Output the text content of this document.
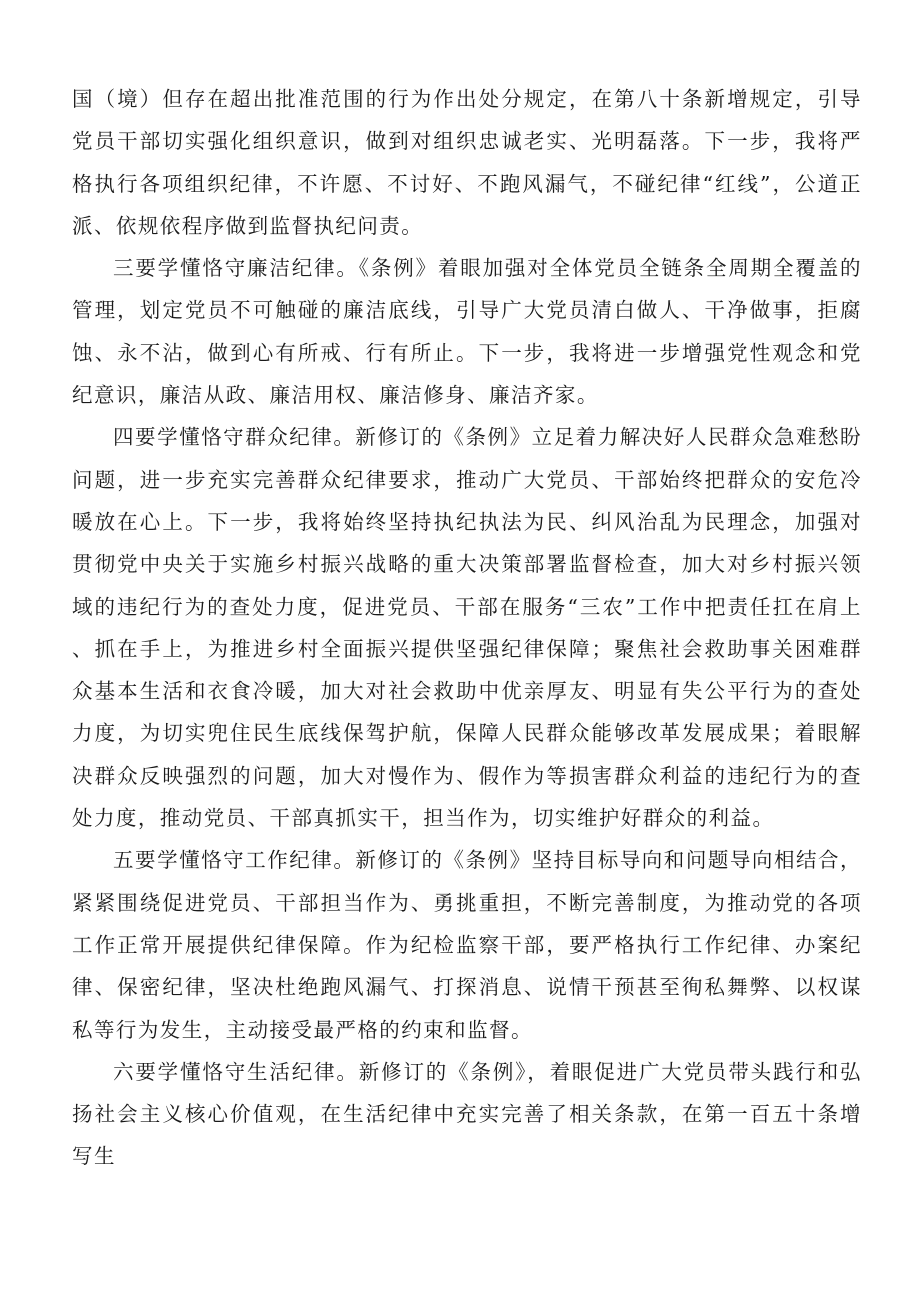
国（境）但存在超出批准范围的行为作出处分规定，在第八十条新增规定，引导党员干部切实强化组织意识，做到对组织忠诚老实、光明磊落。下一步，我将严格执行各项组织纪律，不许愿、不讨好、不跑风漏气，不碰纪律“红线”，公道正派、依规依程序做到监督执纪问责。

三要学懂恪守廉洁纪律。《条例》着眼加强对全体党员全链条全周期全覆盖的管理，划定党员不可触碰的廉洁底线，引导广大党员清白做人、干净做事，拒腐蚀、永不沾，做到心有所戒、行有所止。下一步，我将进一步增强党性观念和党纪意识，廉洁从政、廉洁用权、廉洁修身、廉洁齐家。

四要学懂恪守群众纪律。新修订的《条例》立足着力解决好人民群众急难愁盼问题，进一步充实完善群众纪律要求，推动广大党员、干部始终把群众的安危冷暖放在心上。下一步，我将始终坚持执纪执法为民、纠风治乱为民理念，加强对贯彻党中央关于实施乡村振兴战略的重大决策部署监督检查，加大对乡村振兴领域的违纪行为的查处力度，促进党员、干部在服务“三农”工作中把责任扛在肩上、抓在手上，为推进乡村全面振兴提供坚强纪律保障；聚焦社会救助事关困难群众基本生活和衣食冷暖，加大对社会救助中优亲厚友、明显有失公平行为的查处力度，为切实兜住民生底线保驾护航，保障人民群众能够改革发展成果；着眼解决群众反映强烈的问题，加大对慢作为、假作为等损害群众利益的违纪行为的查处力度，推动党员、干部真抓实干，担当作为，切实维护好群众的利益。

五要学懂恪守工作纪律。新修订的《条例》坚持目标导向和问题导向相结合，紧紧围绕促进党员、干部担当作为、勇挑重担，不断完善制度，为推动党的各项工作正常开展提供纪律保障。作为纪检监察干部，要严格执行工作纪律、办案纪律、保密纪律，坚决杜绝跑风漏气、打探消息、说情干预甚至徇私舞弊、以权谋私等行为发生，主动接受最严格的约束和监督。

六要学懂恪守生活纪律。新修订的《条例》，着眼促进广大党员带头践行和弘扬社会主义核心价值观，在生活纪律中充实完善了相关条款，在第一百五十条增写生
